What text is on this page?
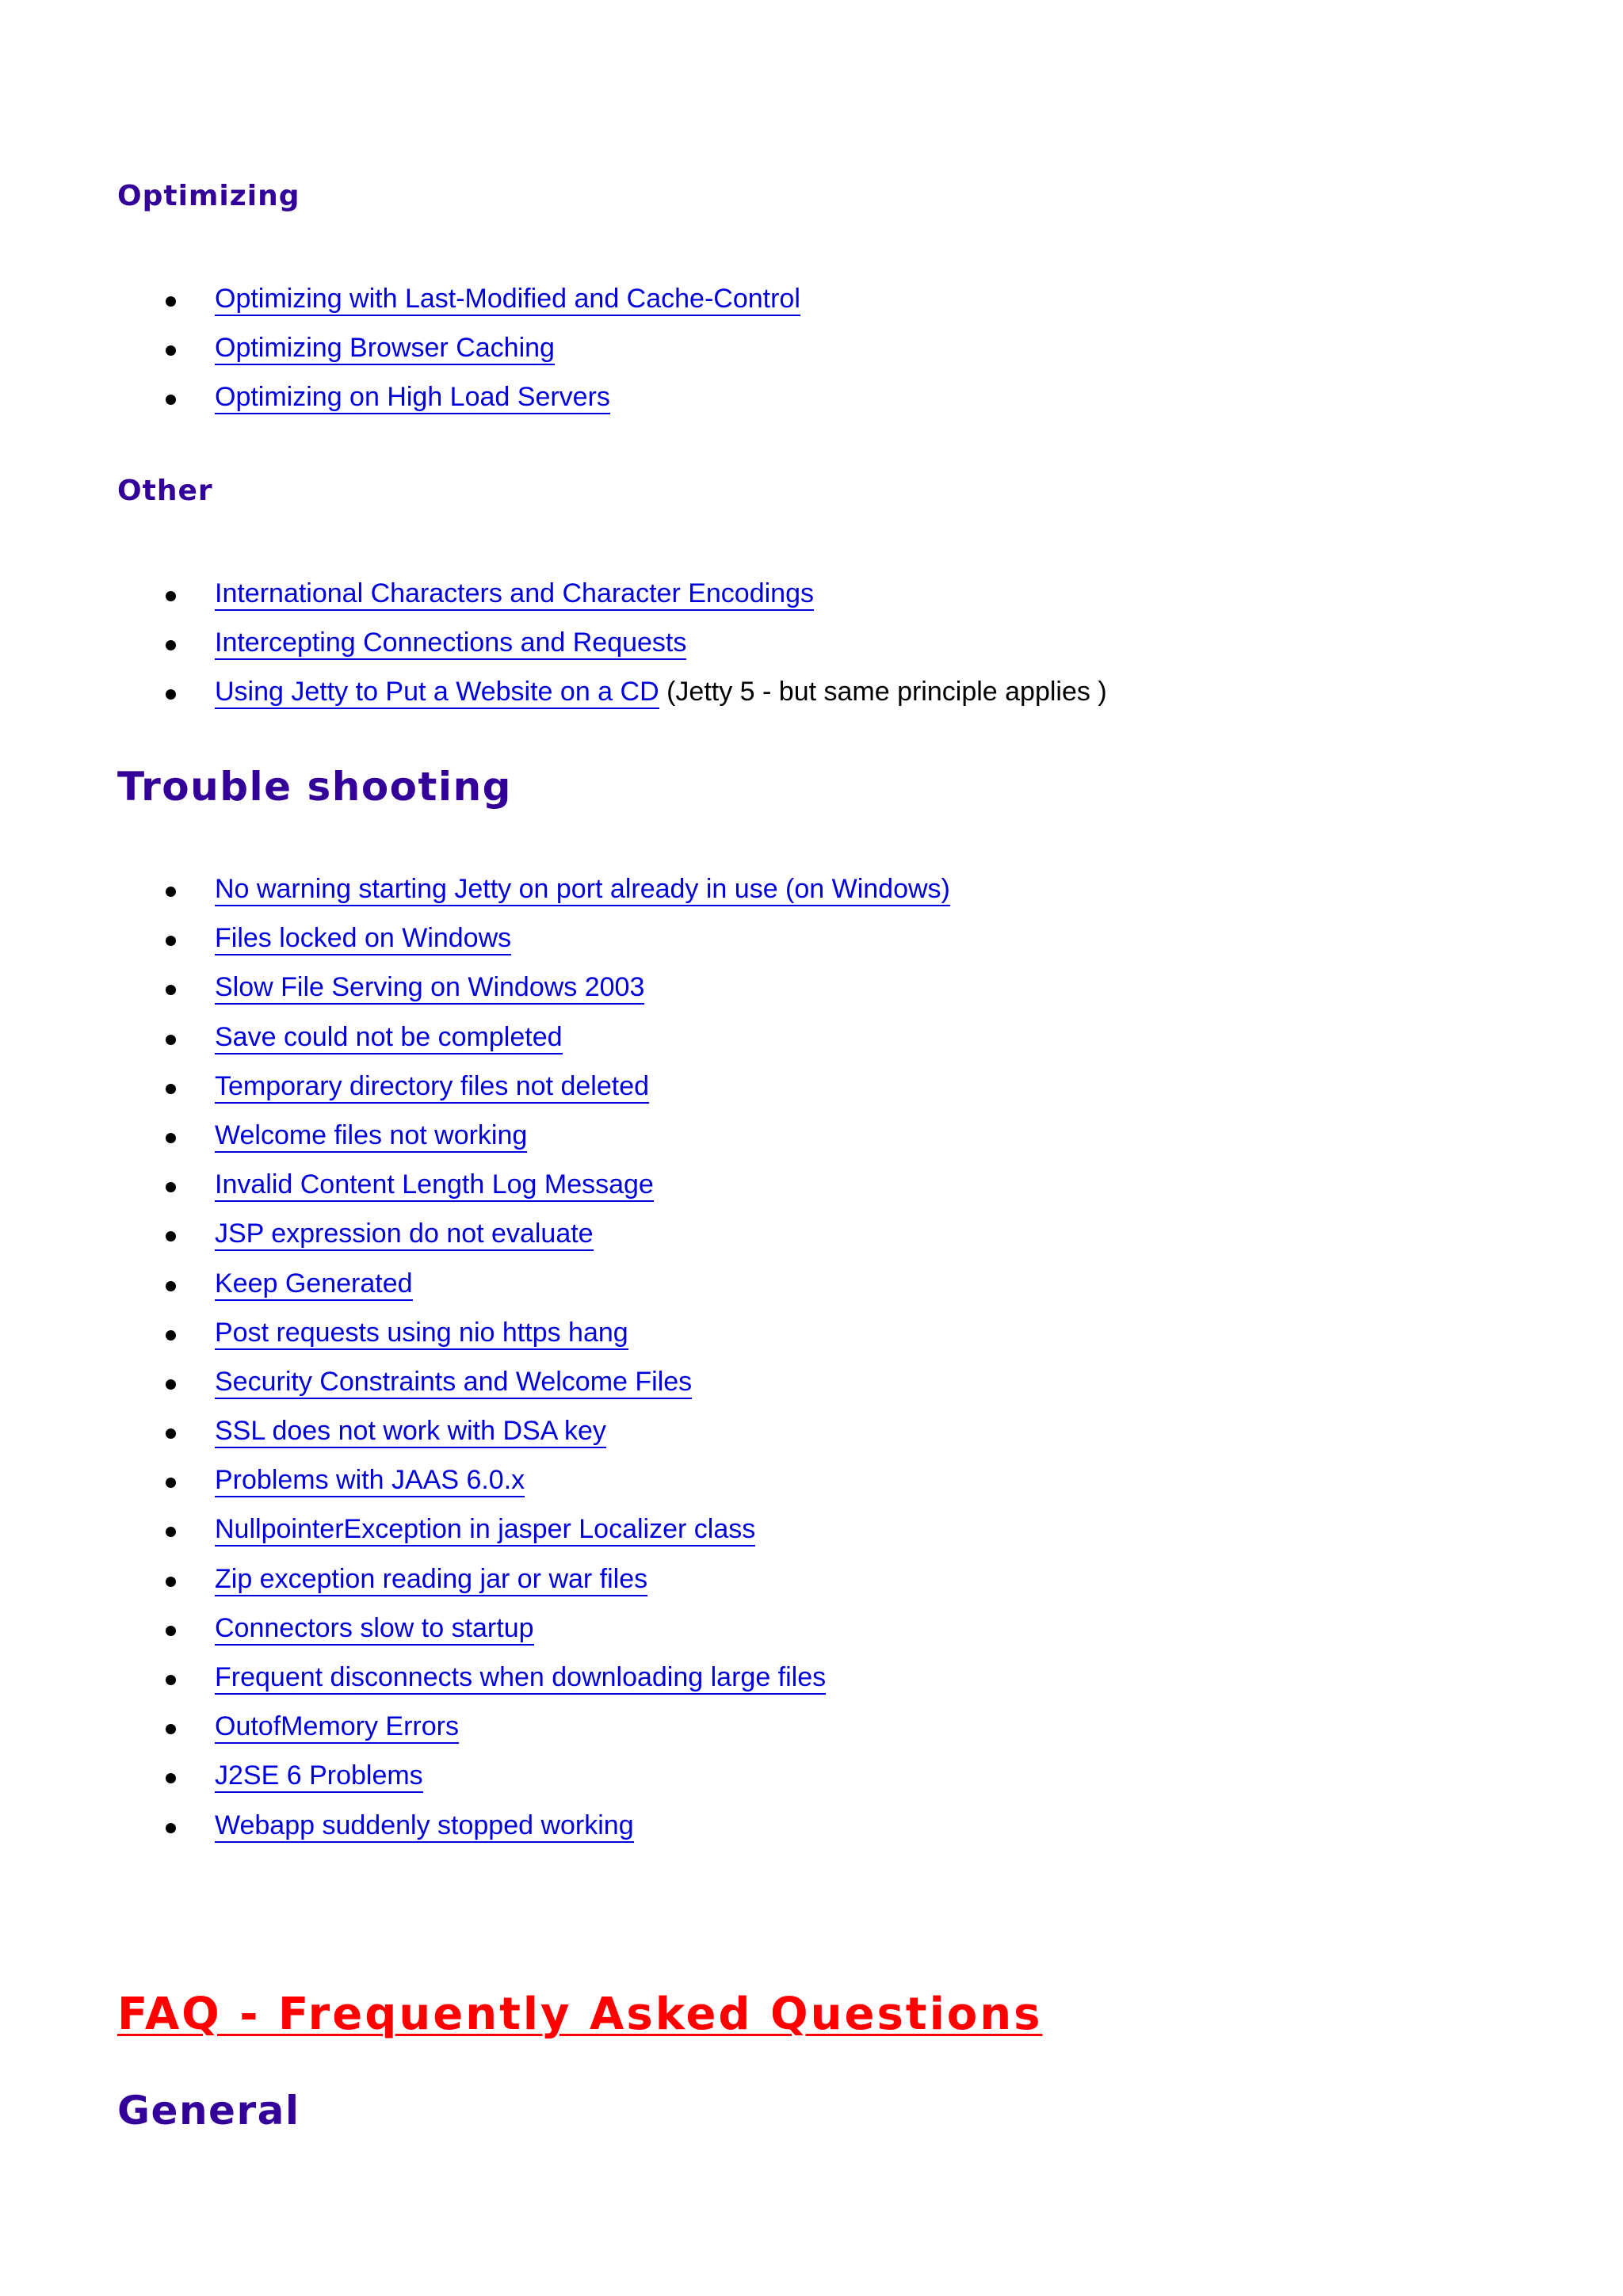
Optimizing
Optimizing with Last-Modified and Cache-Control
Optimizing Browser Caching
Optimizing on High Load Servers
Other
International Characters and Character Encodings
Intercepting Connections and Requests
Using Jetty to Put a Website on a CD (Jetty 5 - but same principle applies )
Trouble shooting
No warning starting Jetty on port already in use (on Windows)
Files locked on Windows
Slow File Serving on Windows 2003
Save could not be completed
Temporary directory files not deleted
Welcome files not working
Invalid Content Length Log Message
JSP expression do not evaluate
Keep Generated
Post requests using nio https hang
Security Constraints and Welcome Files
SSL does not work with DSA key
Problems with JAAS 6.0.x
NullpointerException in jasper Localizer class
Zip exception reading jar or war files
Connectors slow to startup
Frequent disconnects when downloading large files
OutofMemory Errors
J2SE 6 Problems
Webapp suddenly stopped working
FAQ - Frequently Asked Questions
General
